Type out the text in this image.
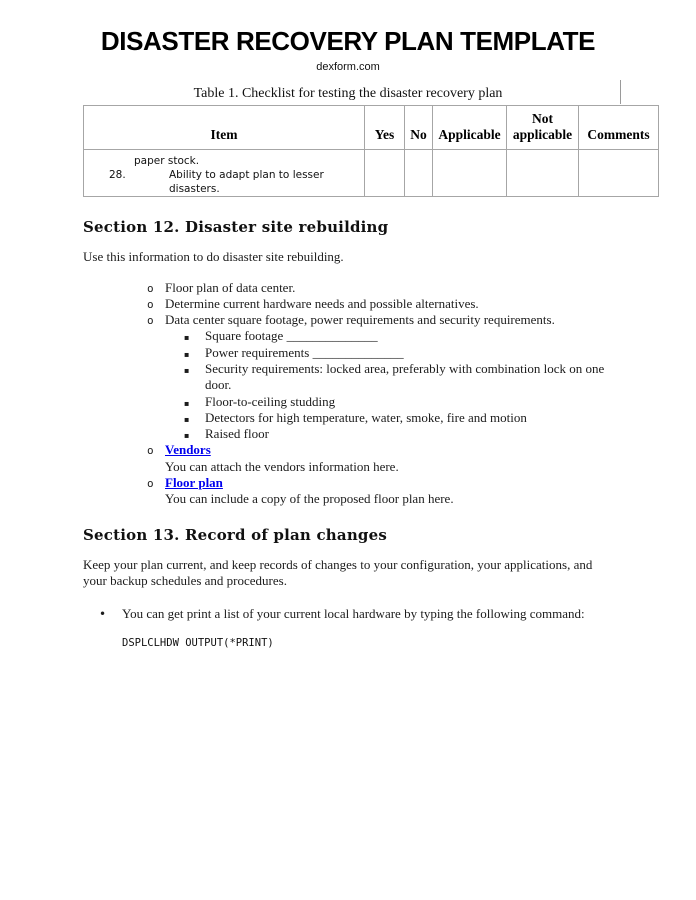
DISASTER RECOVERY PLAN TEMPLATE
dexform.com
Table 1. Checklist for testing the disaster recovery plan
Item	Yes	No	Applicable	Not applicable	Comments

paper stock.
28. Ability to adapt plan to lesser disasters.					

Section 12. Disaster site rebuilding

Use this information to do disaster site rebuilding.

o Floor plan of data center.
o Determine current hardware needs and possible alternatives.
o Data center square footage, power requirements and security requirements.
▪ Square footage ______________
▪ Power requirements ______________
▪ Security requirements: locked area, preferably with combination lock on one door.
▪ Floor-to-ceiling studding
▪ Detectors for high temperature, water, smoke, fire and motion
▪ Raised floor
o Vendors
You can attach the vendors information here.
o Floor plan
You can include a copy of the proposed floor plan here.
Section 13. Record of plan changes

Keep your plan current, and keep records of changes to your configuration, your applications, and your backup schedules and procedures.

• You can get print a list of your current local hardware by typing the following command:
DSPLCLHDW OUTPUT(*PRINT)
